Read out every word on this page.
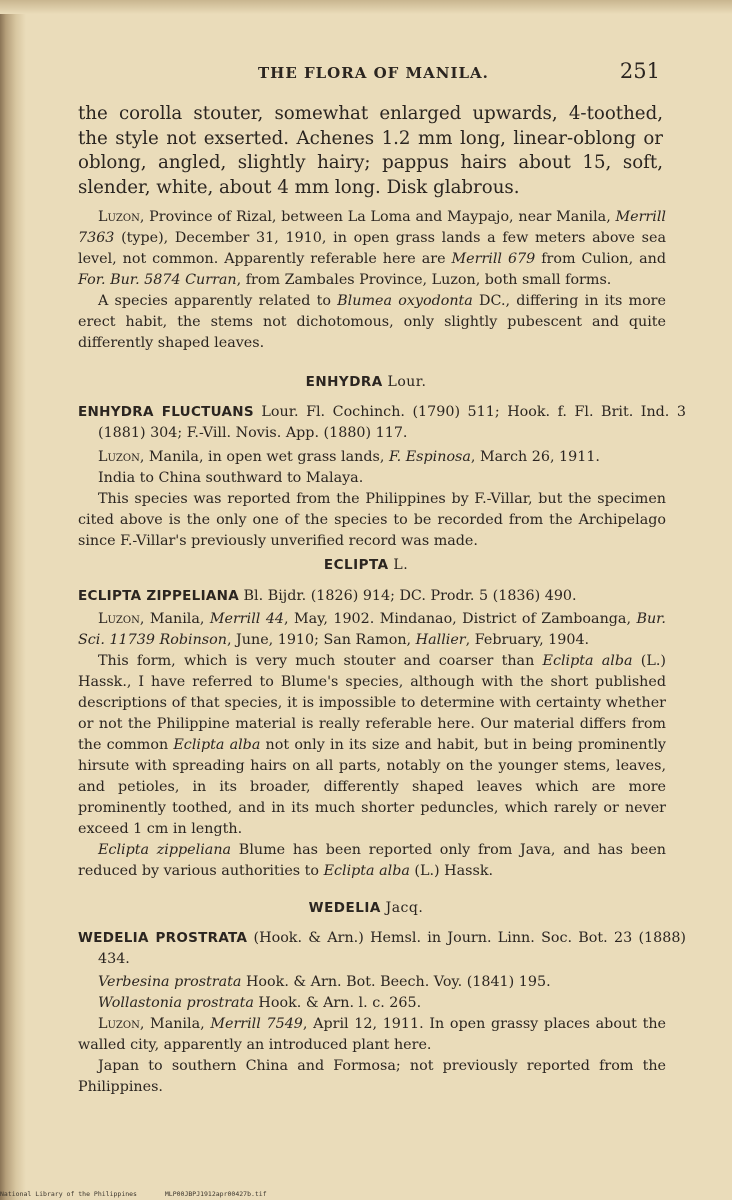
THE FLORA OF MANILA.	251

the corolla stouter, somewhat enlarged upwards, 4-toothed, the style not exserted. Achenes 1.2 mm long, linear-oblong or oblong, angled, slightly hairy; pappus hairs about 15, soft, slender, white, about 4 mm long. Disk glabrous.

Luzon, Province of Rizal, between La Loma and Maypajo, near Manila, Merrill 7363 (type), December 31, 1910, in open grass lands a few meters above sea level, not common. Apparently referable here are Merrill 679 from Culion, and For. Bur. 5874 Curran, from Zambales Province, Luzon, both small forms.

A species apparently related to Blumea oxyodonta DC., differing in its more erect habit, the stems not dichotomous, only slightly pubescent and quite differently shaped leaves.

ENHYDRA Lour.

ENHYDRA FLUCTUANS Lour. Fl. Cochinch. (1790) 511; Hook. f. Fl. Brit. Ind. 3 (1881) 304; F.-Vill. Novis. App. (1880) 117.

Luzon, Manila, in open wet grass lands, F. Espinosa, March 26, 1911.

India to China southward to Malaya.

This species was reported from the Philippines by F.-Villar, but the specimen cited above is the only one of the species to be recorded from the Archipelago since F.-Villar's previously unverified record was made.

ECLIPTA L.

ECLIPTA ZIPPELIANA Bl. Bijdr. (1826) 914; DC. Prodr. 5 (1836) 490.

Luzon, Manila, Merrill 44, May, 1902. Mindanao, District of Zamboanga, Bur. Sci. 11739 Robinson, June, 1910; San Ramon, Hallier, February, 1904.

This form, which is very much stouter and coarser than Eclipta alba (L.) Hassk., I have referred to Blume's species, although with the short published descriptions of that species, it is impossible to determine with certainty whether or not the Philippine material is really referable here. Our material differs from the common Eclipta alba not only in its size and habit, but in being prominently hirsute with spreading hairs on all parts, notably on the younger stems, leaves, and petioles, in its broader, differently shaped leaves which are more prominently toothed, and in its much shorter peduncles, which rarely or never exceed 1 cm in length.

Eclipta zippeliana Blume has been reported only from Java, and has been reduced by various authorities to Eclipta alba (L.) Hassk.

WEDELIA Jacq.

WEDELIA PROSTRATA (Hook. & Arn.) Hemsl. in Journ. Linn. Soc. Bot. 23 (1888) 434.

Verbesina prostrata Hook. & Arn. Bot. Beech. Voy. (1841) 195.

Wollastonia prostrata Hook. & Arn. l. c. 265.

Luzon, Manila, Merrill 7549, April 12, 1911. In open grassy places about the walled city, apparently an introduced plant here.

Japan to southern China and Formosa; not previously reported from the Philippines.

National Library of the Philippines	MLP00JBPJ1912apr00427b.tif
